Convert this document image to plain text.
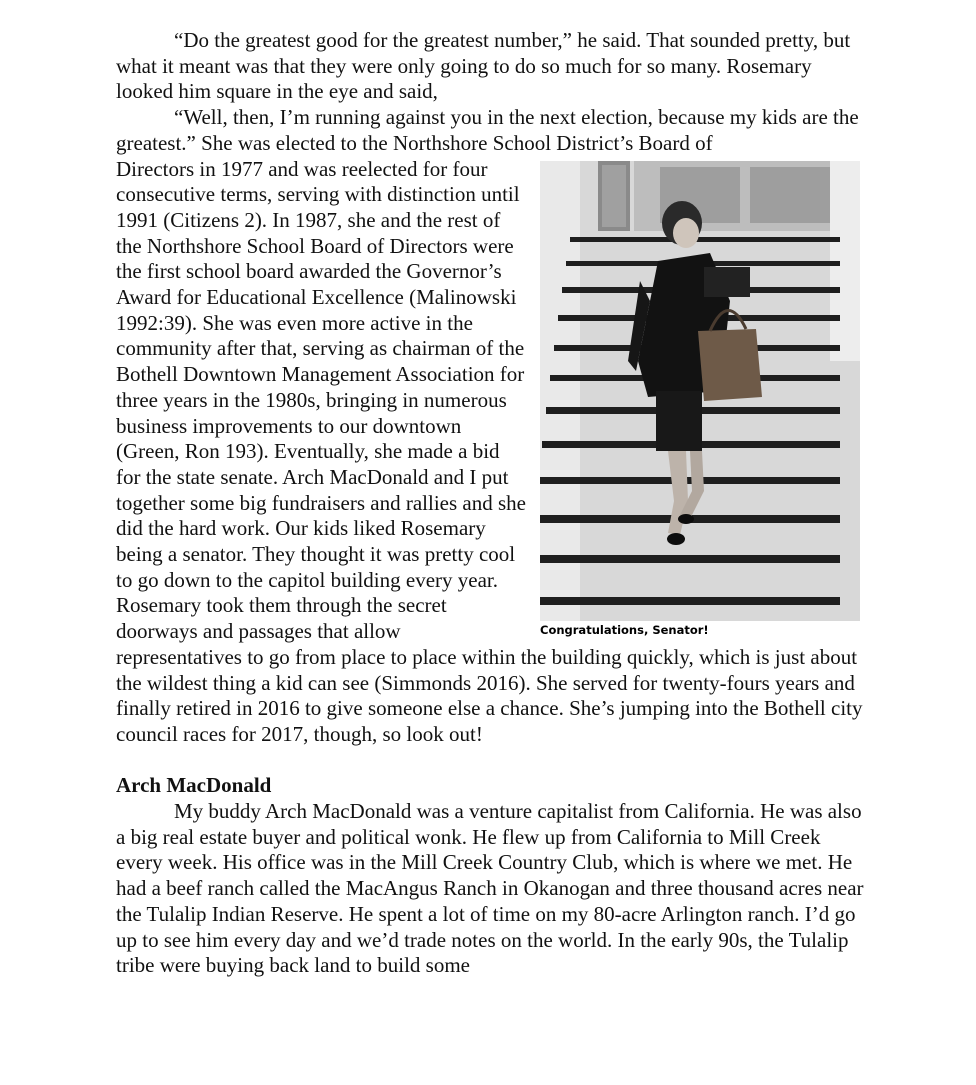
“Do the greatest good for the greatest number,” he said. That sounded pretty, but what it meant was that they were only going to do so much for so many. Rosemary looked him square in the eye and said,

“Well, then, I’m running against you in the next election, because my kids are the greatest.” She was elected to the Northshore School District’s Board of

Congratulations, Senator!

Directors in 1977 and was reelected for four consecutive terms, serving with distinction until 1991 (Citizens 2). In 1987, she and the rest of the Northshore School Board of Directors were the first school board awarded the Governor’s Award for Educational Excellence (Malinowski 1992:39). She was even more active in the community after that, serving as chairman of the Bothell Downtown Management Association for three years in the 1980s, bringing in numerous business improvements to our downtown (Green, Ron 193). Eventually, she made a bid for the state senate. Arch MacDonald and I put together some big fundraisers and rallies and she did the hard work. Our kids liked Rosemary being a senator. They thought it was pretty cool to go down to the capitol building every year. Rosemary took them through the secret doorways and passages that allow representatives to go from place to place within the building quickly, which is just about the wildest thing a kid can see (Simmonds 2016). She served for twenty-fours years and finally retired in 2016 to give someone else a chance. She’s jumping into the Bothell city council races for 2017, though, so look out!

Arch MacDonald

My buddy Arch MacDonald was a venture capitalist from California. He was also a big real estate buyer and political wonk. He flew up from California to Mill Creek every week. His office was in the Mill Creek Country Club, which is where we met. He had a beef ranch called the MacAngus Ranch in Okanogan and three thousand acres near the Tulalip Indian Reserve. He spent a lot of time on my 80-acre Arlington ranch. I’d go up to see him every day and we’d trade notes on the world. In the early 90s, the Tulalip tribe were buying back land to build some
